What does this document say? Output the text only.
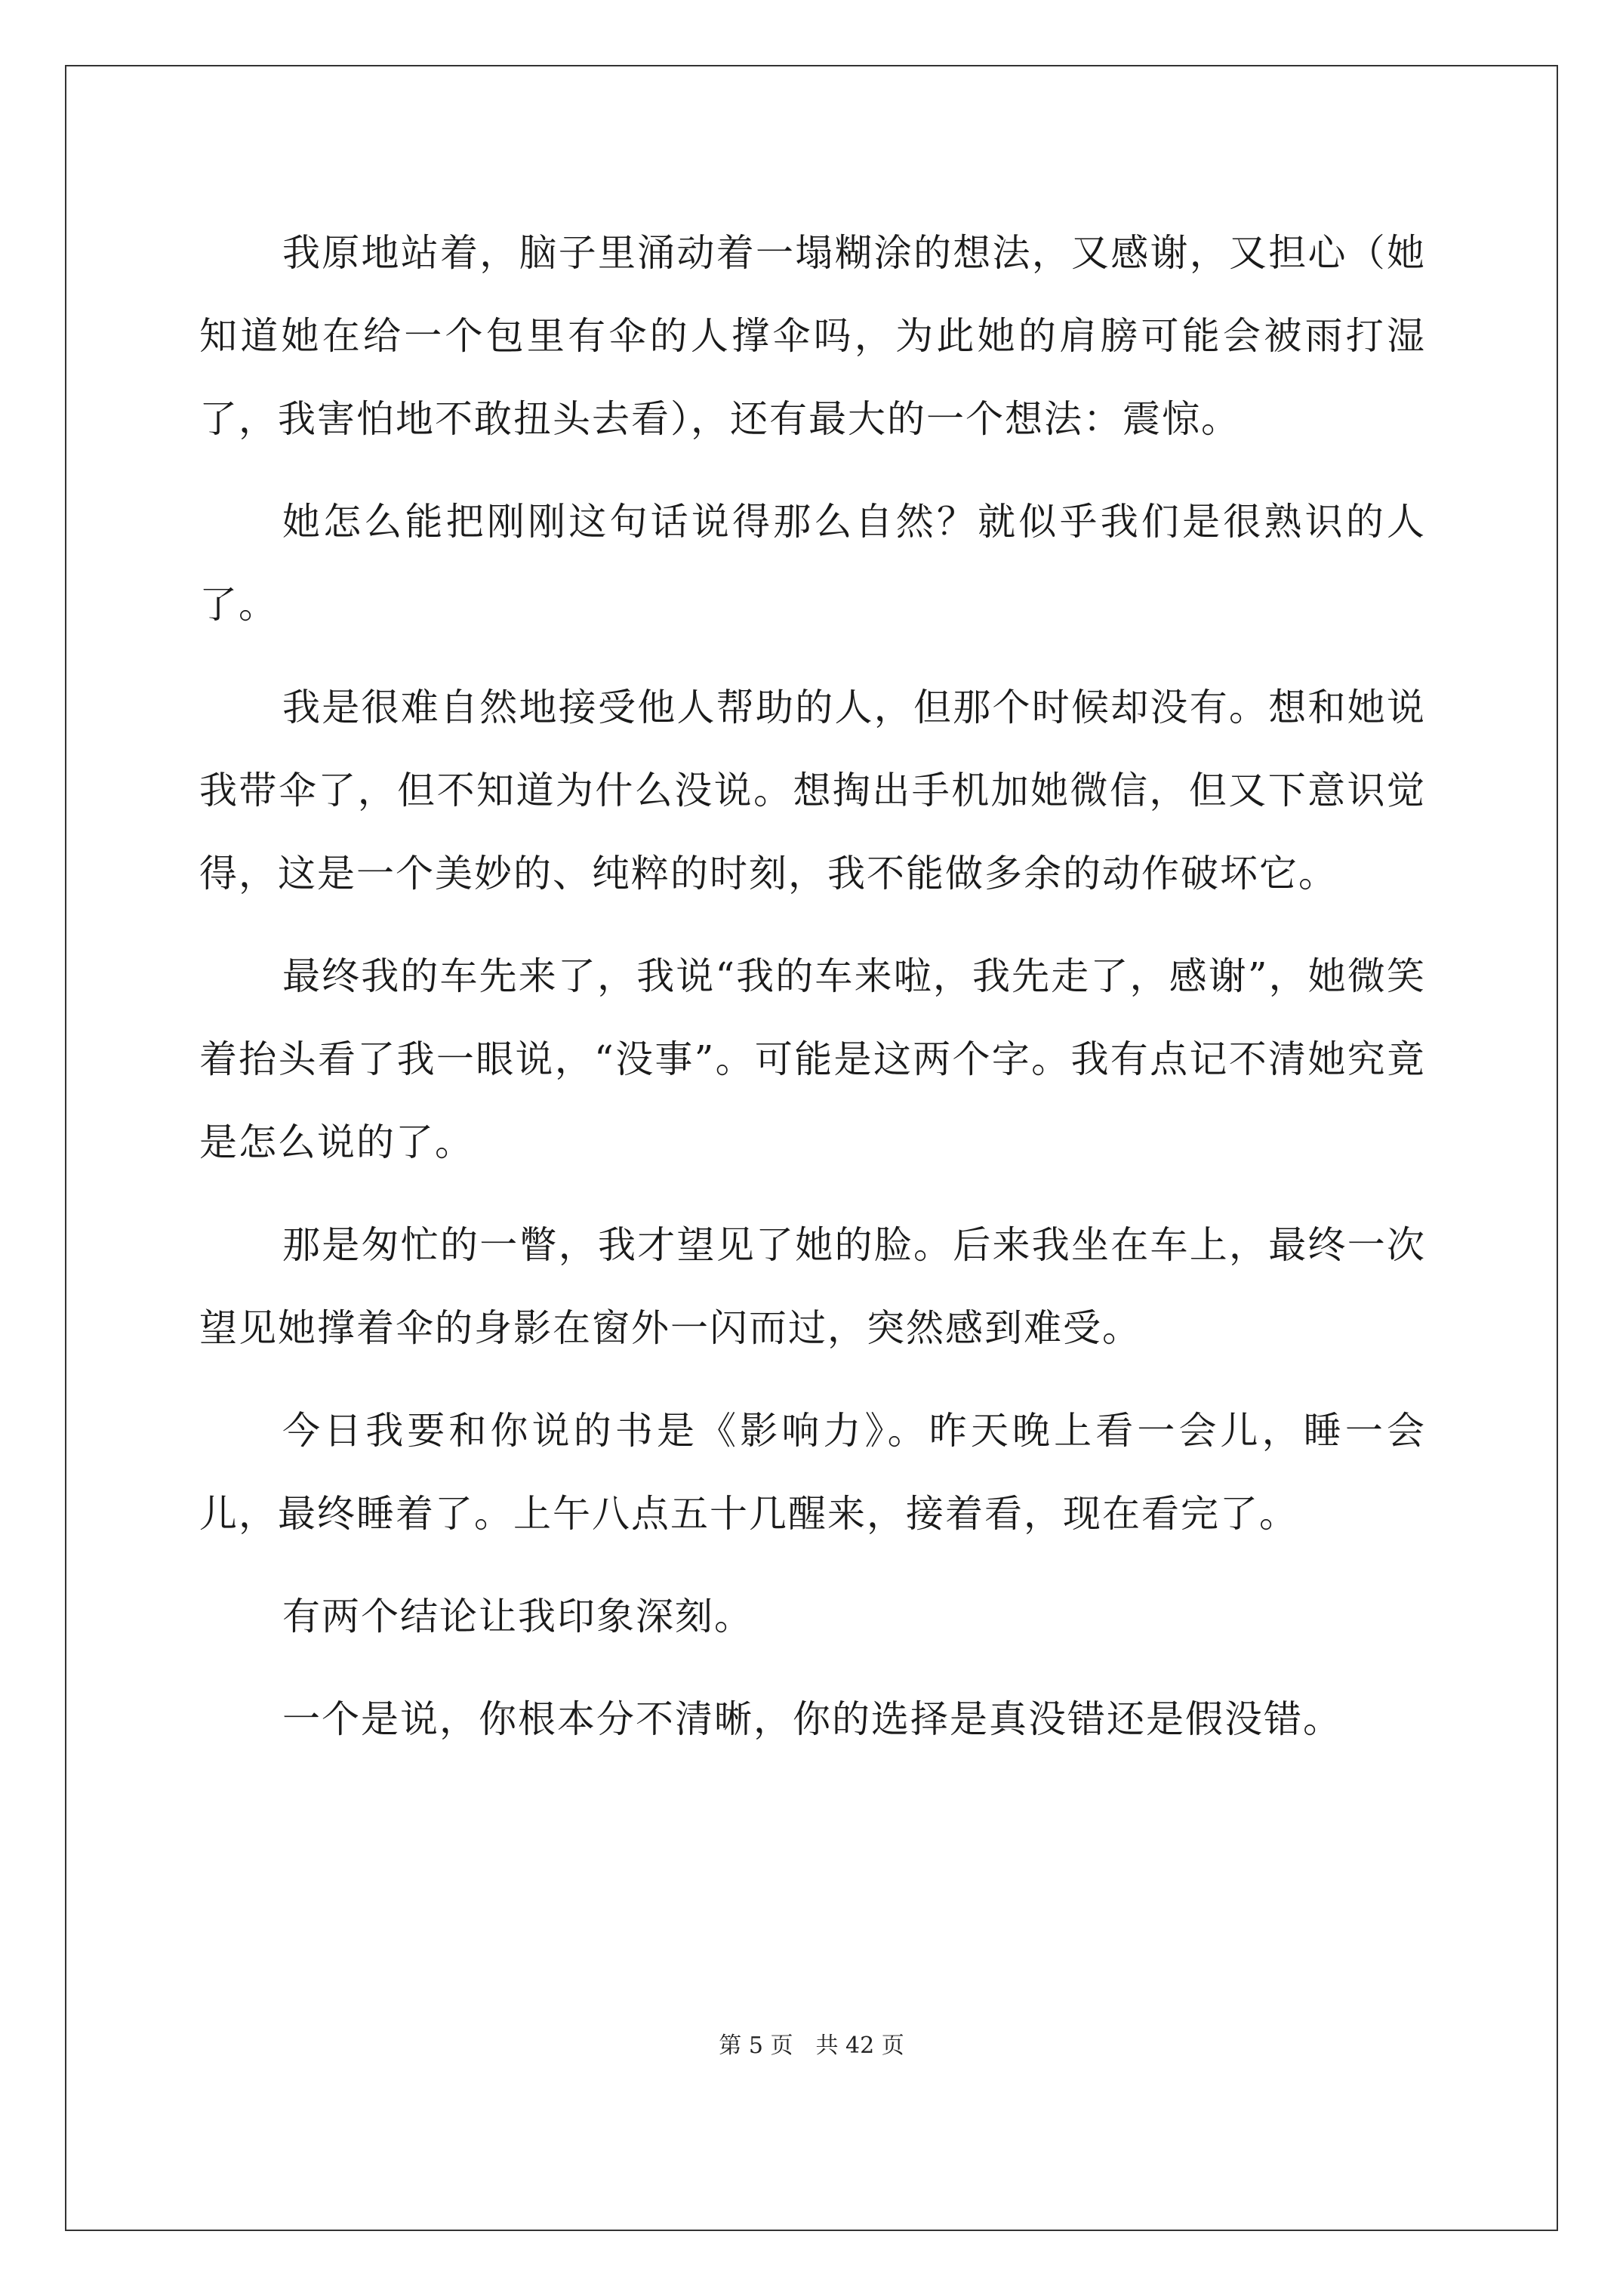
我原地站着，脑子里涌动着一塌糊涂的想法，又感谢，又担心（她知道她在给一个包里有伞的人撑伞吗，为此她的肩膀可能会被雨打湿了，我害怕地不敢扭头去看），还有最大的一个想法：震惊。

她怎么能把刚刚这句话说得那么自然？就似乎我们是很熟识的人了。

我是很难自然地接受他人帮助的人，但那个时候却没有。想和她说我带伞了，但不知道为什么没说。想掏出手机加她微信，但又下意识觉得，这是一个美妙的、纯粹的时刻，我不能做多余的动作破坏它。

最终我的车先来了，我说“我的车来啦，我先走了，感谢”，她微笑着抬头看了我一眼说，“没事”。可能是这两个字。我有点记不清她究竟是怎么说的了。

那是匆忙的一瞥，我才望见了她的脸。后来我坐在车上，最终一次望见她撑着伞的身影在窗外一闪而过，突然感到难受。

今日我要和你说的书是《影响力》。昨天晚上看一会儿，睡一会儿，最终睡着了。上午八点五十几醒来，接着看，现在看完了。

有两个结论让我印象深刻。

一个是说，你根本分不清晰，你的选择是真没错还是假没错。

第 5 页 共 42 页
